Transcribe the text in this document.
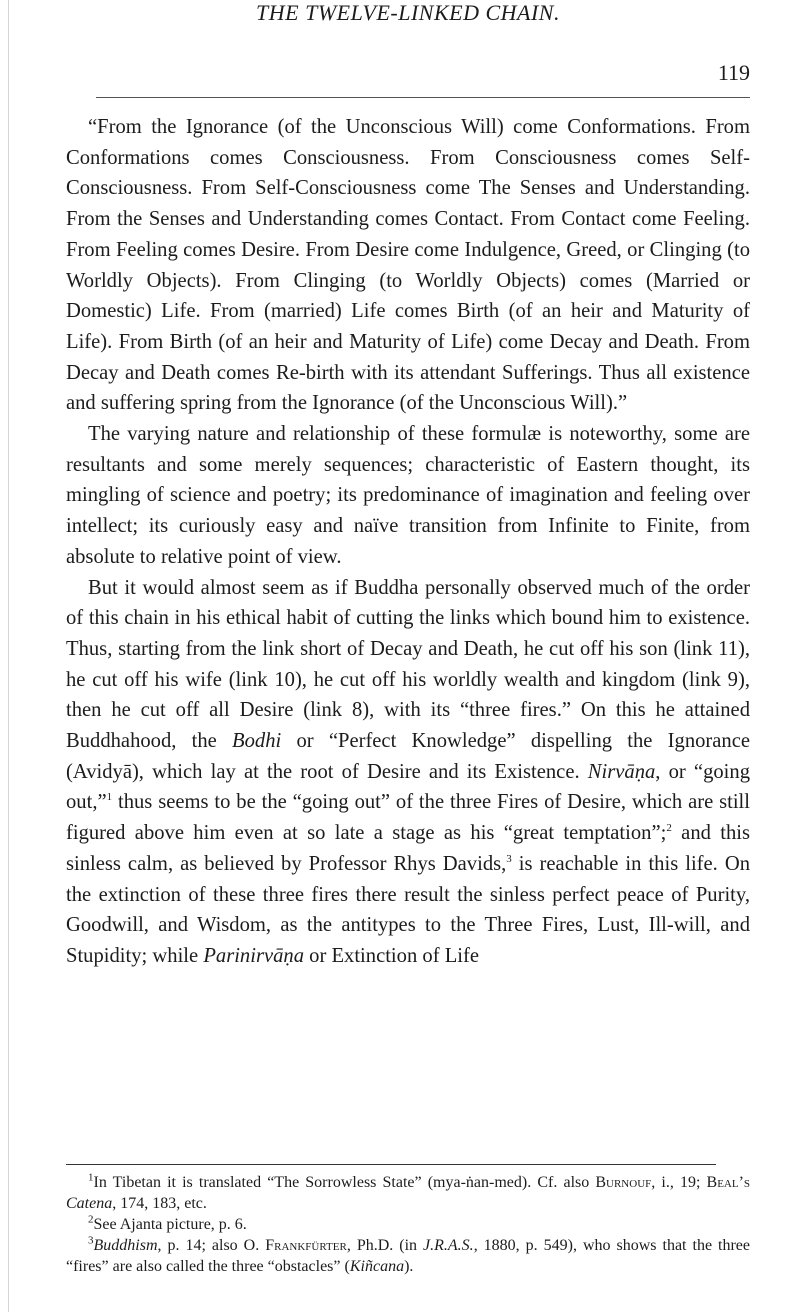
THE TWELVE-LINKED CHAIN.
119

“From the Ignorance (of the Unconscious Will) come Conformations. From Conformations comes Consciousness. From Consciousness comes Self-Consciousness. From Self-Consciousness come The Senses and Understanding. From the Senses and Understanding comes Contact. From Contact come Feeling. From Feeling comes Desire. From Desire come Indulgence, Greed, or Clinging (to Worldly Objects). From Clinging (to Worldly Objects) comes (Married or Domestic) Life. From (married) Life comes Birth (of an heir and Maturity of Life). From Birth (of an heir and Maturity of Life) come Decay and Death. From Decay and Death comes Re-birth with its attendant Sufferings. Thus all existence and suffering spring from the Ignorance (of the Unconscious Will).”

The varying nature and relationship of these formulæ is noteworthy, some are resultants and some merely sequences; characteristic of Eastern thought, its mingling of science and poetry; its predominance of imagination and feeling over intellect; its curiously easy and naïve transition from Infinite to Finite, from absolute to relative point of view.

But it would almost seem as if Buddha personally observed much of the order of this chain in his ethical habit of cutting the links which bound him to existence. Thus, starting from the link short of Decay and Death, he cut off his son (link 11), he cut off his wife (link 10), he cut off his worldly wealth and kingdom (link 9), then he cut off all Desire (link 8), with its “three fires.” On this he attained Buddhahood, the Bodhi or “Perfect Knowledge” dispelling the Ignorance (Avidyā), which lay at the root of Desire and its Existence. Nirvāṇa, or “going out,”$^1$ thus seems to be the “going out” of the three Fires of Desire, which are still figured above him even at so late a stage as his “great temptation”;$^2$ and this sinless calm, as believed by Professor Rhys Davids,$^3$ is reachable in this life. On the extinction of these three fires there result the sinless perfect peace of Purity, Goodwill, and Wisdom, as the antitypes to the Three Fires, Lust, Ill-will, and Stupidity; while Parinirvāṇa or Extinction of Life

$^1$In Tibetan it is translated “The Sorrowless State” (mya-ṅan-med). Cf. also Burnouf, i., 19; Beal’s Catena, 174, 183, etc.

$^2$See Ajanta picture, p. 6.

$^3$Buddhism, p. 14; also O. Frankfürter, Ph.D. (in J.R.A.S., 1880, p. 549), who shows that the three “fires” are also called the three “obstacles” (Kiñcana).
